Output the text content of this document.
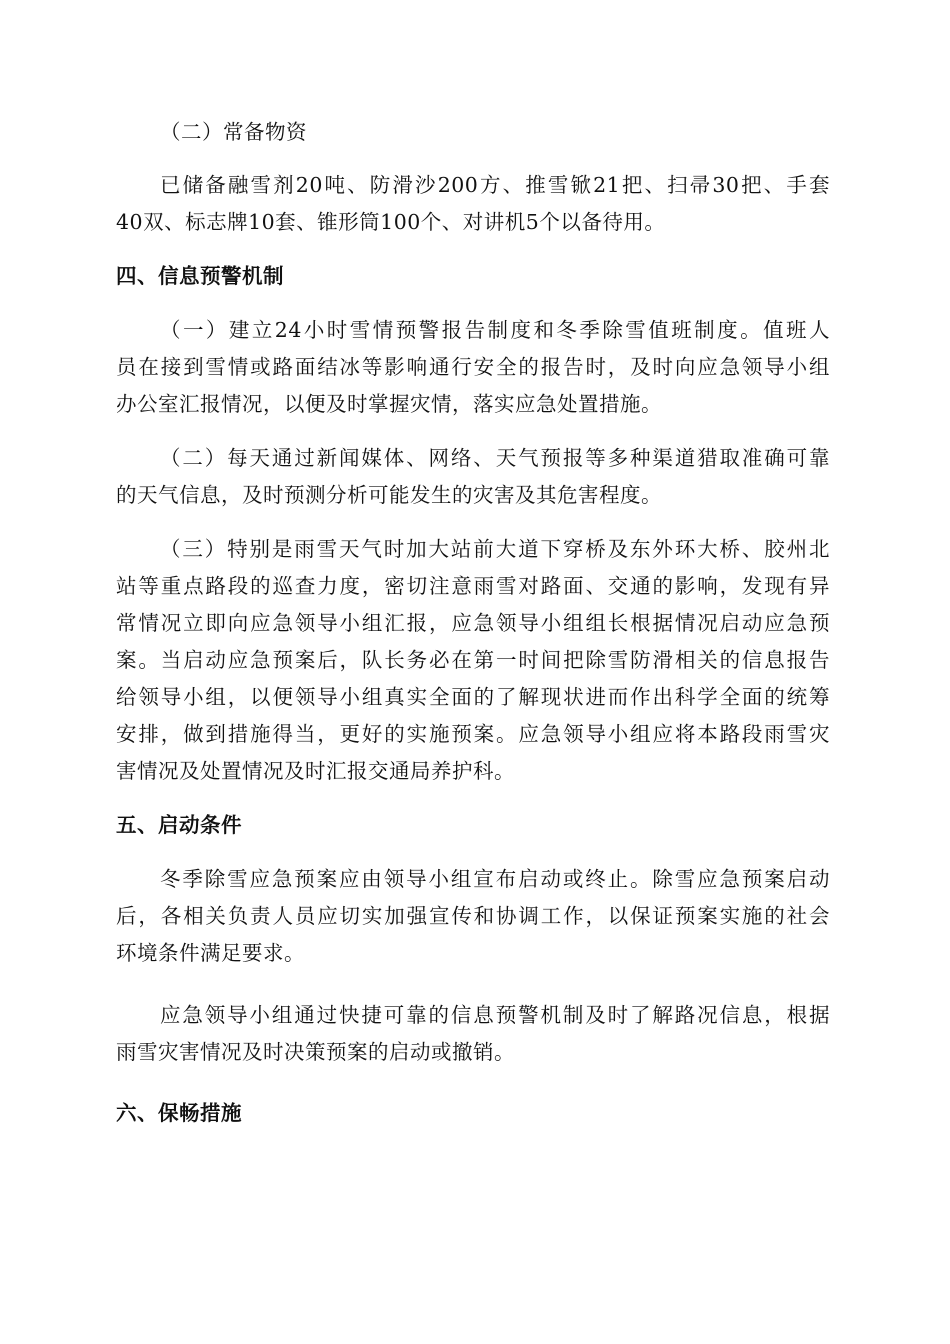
（二）常备物资
已储备融雪剂20吨、防滑沙200方、推雪锨21把、扫帚30把、手套
40双、标志牌10套、锥形筒100个、对讲机5个以备待用。
四、信息预警机制
（一）建立24小时雪情预警报告制度和冬季除雪值班制度。值班人
员在接到雪情或路面结冰等影响通行安全的报告时，及时向应急领导小组
办公室汇报情况，以便及时掌握灾情，落实应急处置措施。
（二）每天通过新闻媒体、网络、天气预报等多种渠道猎取准确可靠
的天气信息，及时预测分析可能发生的灾害及其危害程度。
（三）特别是雨雪天气时加大站前大道下穿桥及东外环大桥、胶州北
站等重点路段的巡查力度，密切注意雨雪对路面、交通的影响，发现有异
常情况立即向应急领导小组汇报，应急领导小组组长根据情况启动应急预
案。当启动应急预案后，队长务必在第一时间把除雪防滑相关的信息报告
给领导小组，以便领导小组真实全面的了解现状进而作出科学全面的统筹
安排，做到措施得当，更好的实施预案。应急领导小组应将本路段雨雪灾
害情况及处置情况及时汇报交通局养护科。
五、启动条件
冬季除雪应急预案应由领导小组宣布启动或终止。除雪应急预案启动
后，各相关负责人员应切实加强宣传和协调工作，以保证预案实施的社会
环境条件满足要求。
应急领导小组通过快捷可靠的信息预警机制及时了解路况信息，根据
雨雪灾害情况及时决策预案的启动或撤销。
六、保畅措施
